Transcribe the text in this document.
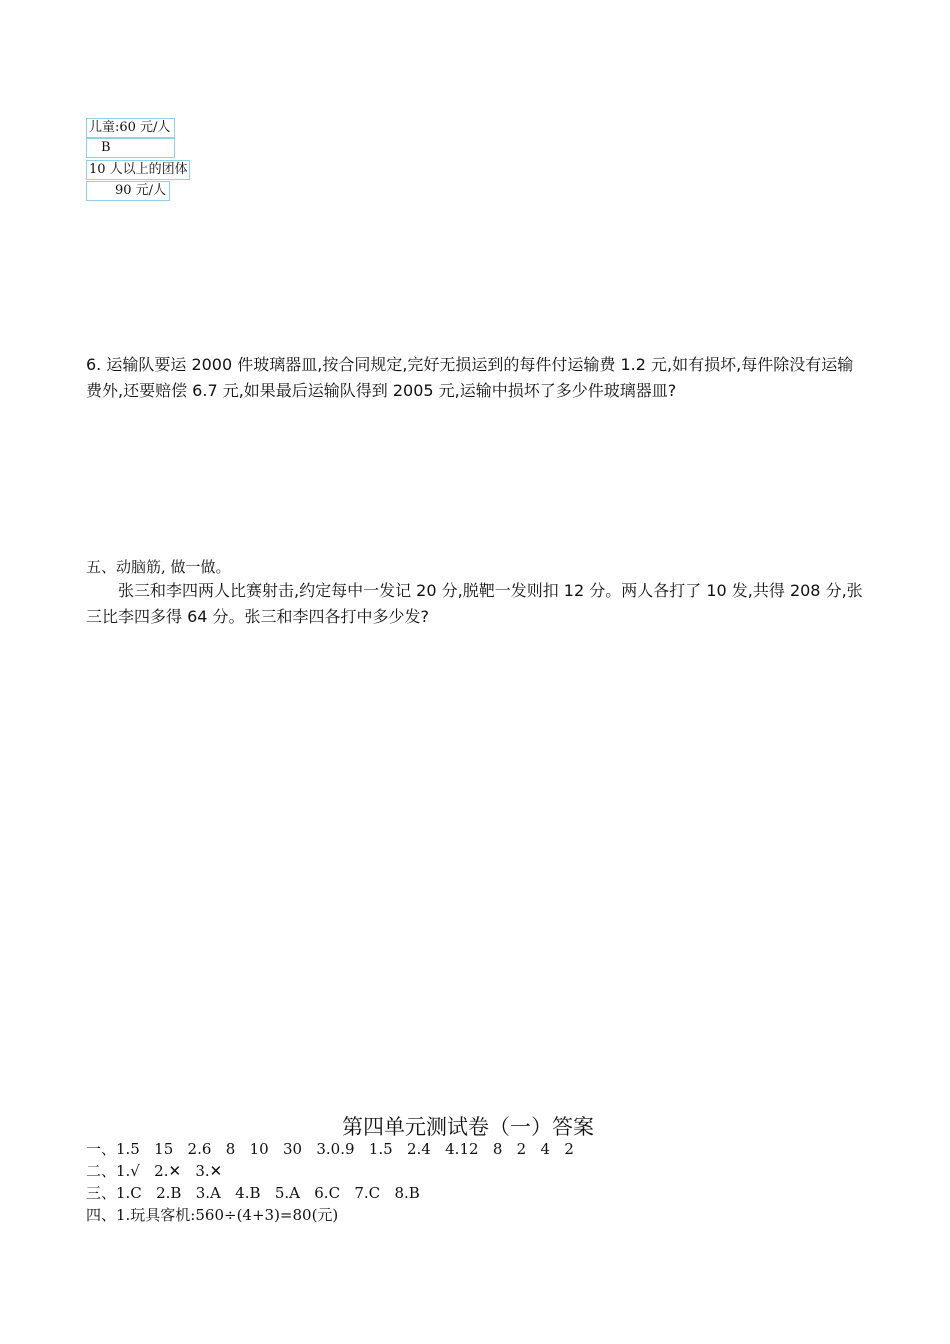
儿童:60 元/人
B
10 人以上的团体
90 元/人
6. 运输队要运 2000 件玻璃器皿,按合同规定,完好无损运到的每件付运输费 1.2 元,如有损坏,每件除没有运输
费外,还要赔偿 6.7 元,如果最后运输队得到 2005 元,运输中损坏了多少件玻璃器皿?
五、动脑筋, 做一做。
张三和李四两人比赛射击,约定每中一发记 20 分,脱靶一发则扣 12 分。两人各打了 10 发,共得 208 分,张
三比李四多得 64 分。张三和李四各打中多少发?
第四单元测试卷（一）答案
一、1.5   15   2.6   8   10   30   3.0.9   1.5   2.4   4.12   8   2   4   2
二、1.√   2.✕   3.✕
三、1.C   2.B   3.A   4.B   5.A   6.C   7.C   8.B
四、1.玩具客机:560÷(4+3)=80(元)
